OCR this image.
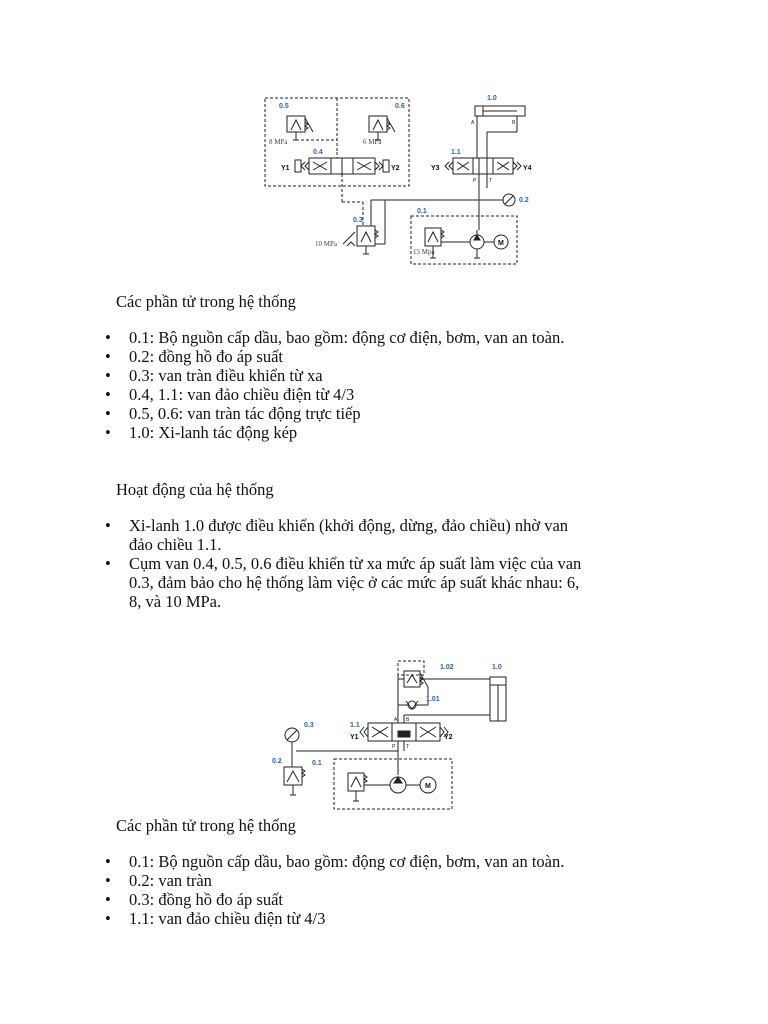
0.5	0.6
8 MPa	6 MPa
0.4
Y1	Y2
0.3
10 MPa
1.0
1.1
Y3	Y4
0.2
0.1
15 Mpa
M
A	B
P	T

Các phần tử trong hệ thống

• 0.1: Bộ nguồn cấp dầu, bao gồm: động cơ điện, bơm, van an toàn.
• 0.2: đồng hồ đo áp suất
• 0.3: van tràn điều khiển từ xa
• 0.4, 1.1: van đảo chiều điện từ 4/3
• 0.5, 0.6: van tràn tác động trực tiếp
• 1.0: Xi-lanh tác động kép

Hoạt động của hệ thống

• Xi-lanh 1.0 được điều khiển (khởi động, dừng, đảo chiều) nhờ van đảo chiều 1.1.
• Cụm van 0.4, 0.5, 0.6 điều khiển từ xa mức áp suất làm việc của van 0.3, đảm bảo cho hệ thống làm việc ở các mức áp suất khác nhau: 6, 8, và 10 MPa.
1.02	1.0
1.01
1.1
Y1	Y2
0.3
0.2	0.1
M
A B
P T

Các phần tử trong hệ thống

• 0.1: Bộ nguồn cấp dầu, bao gồm: động cơ điện, bơm, van an toàn.
• 0.2: van tràn
• 0.3: đồng hồ đo áp suất
• 1.1: van đảo chiều điện từ 4/3
